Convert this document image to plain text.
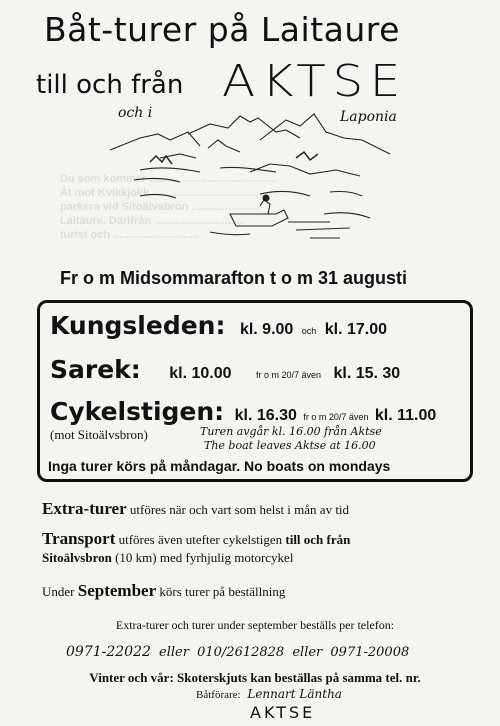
Du som kommer ..........................................
Åt mot Kvikkjokk ....................................
parkera vid Sitoälvsbron ......................
Laitaure. Därifrån ..............................
turist och ............................
Båt-turer på Laitaure
till och från AKTSE
och i	Laponia
Fr o m Midsommarafton t o m 31 augusti
Kungsleden: kl. 9.00 och kl. 17.00
Sarek: kl. 10.00	fr o m 20/7 även kl. 15. 30
Cykelstigen: kl. 16.30 fr o m 20/7 även kl. 11.00
(mot Sitoälvsbron)	Turen avgår kl. 16.00 från Aktse
The boat leaves Aktse at 16.00
Inga turer körs på måndagar. No boats on mondays
Extra-turer utföres när och vart som helst i mån av tid
Transport utföres även utefter cykelstigen till och från
Sitoälvsbron (10 km) med fyrhjulig motorcykel
Under September körs turer på beställning
Extra-turer och turer under september beställs per telefon:
0971-22022 eller 010/2612828 eller 0971-20008
Vinter och vår: Skoterskjuts kan beställas på samma tel. nr.
Båtförare: Lennart Läntha
AKTSE
